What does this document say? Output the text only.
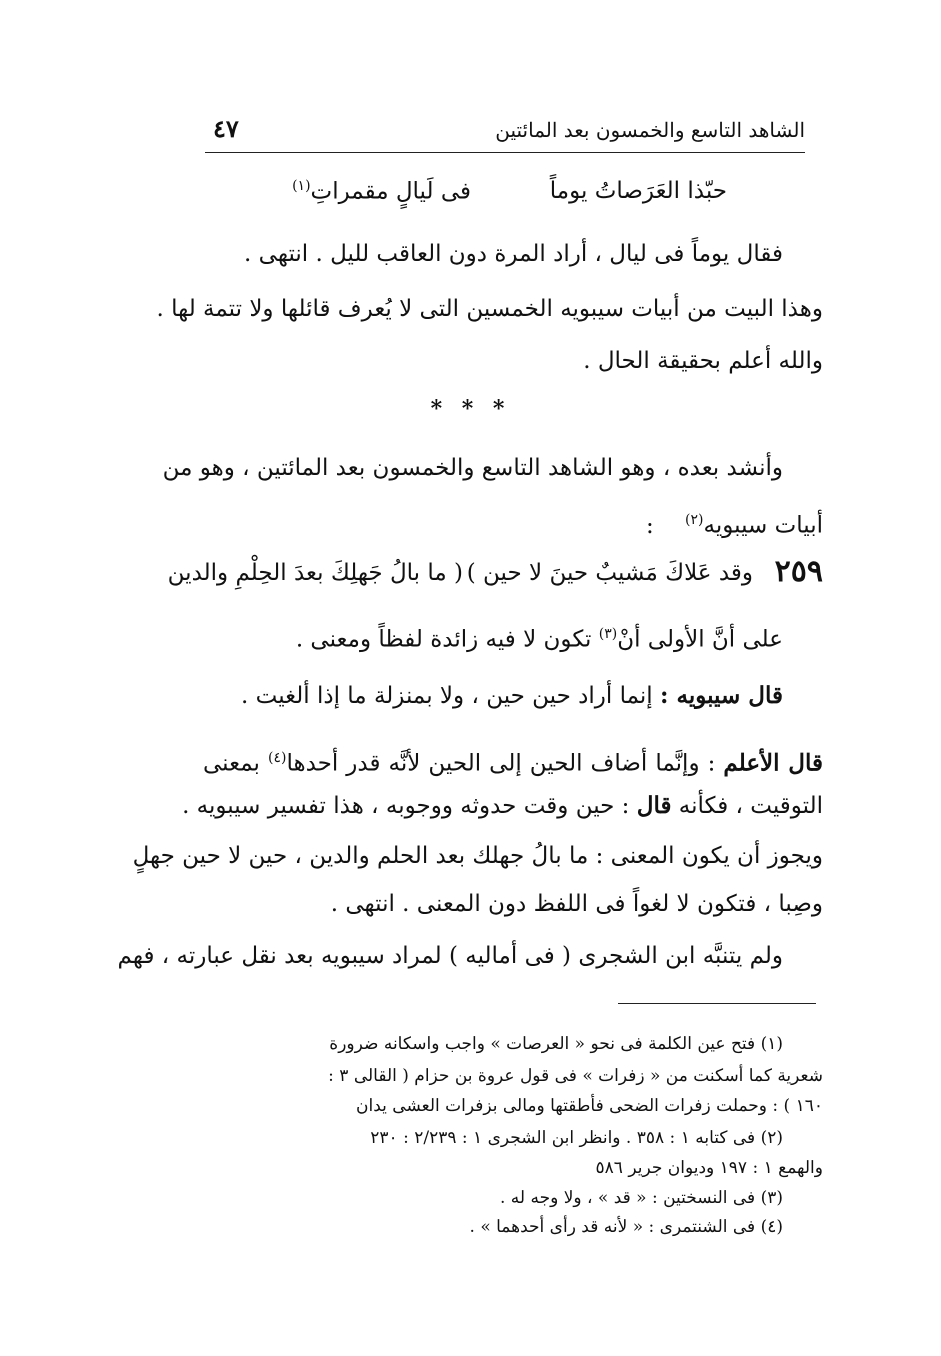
الشاهد التاسع والخمسون بعد المائتين
٤٧
حبّذا العَرَصاتُ يوماً
فى لَيالٍ مقمراتِ$^{(١)}$
فقال يوماً فى ليال ، أراد المرة دون العاقب لليل . انتهى .
وهذا البيت من أبيات سيبويه الخمسين التى لا يُعرف قائلها ولا تتمة لها .
والله أعلم بحقيقة الحال .
* * *
وأنشد بعده ، وهو الشاهد التاسع والخمسون بعد المائتين ، وهو من
أبيات سيبويه$^{(٢)}$ :
٢٥٩
( ما بالُ جَهلِكَ بعدَ الحِلْمِ والدين وقد عَلاكَ مَشيبٌ حينَ لا حين )
على أنَّ الأولى أنْ$^{(٣)}$ تكون لا فيه زائدة لفظاً ومعنى .
قال سيبويه : إنما أراد حين حين ، ولا بمنزلة ما إذا ألغيت .
قال الأعلم : وإنَّما أضاف الحين إلى الحين لأنَّه قدر أحدها$^{(٤)}$ بمعنى
التوقيت ، فكأنه قال : حين وقت حدوثه ووجوبه ، هذا تفسير سيبويه .
ويجوز أن يكون المعنى : ما بالُ جهلك بعد الحلم والدين ، حين لا حين جهلٍ
وصِبا ، فتكون لا لغواً فى اللفظ دون المعنى . انتهى .
ولم يتنبَّه ابن الشجرى ( فى أماليه ) لمراد سيبويه بعد نقل عبارته ، فهم
(١) فتح عين الكلمة فى نحو « العرصات » واجب واسكانه ضرورة
شعرية كما أسكنت من « زفرات » فى قول عروة بن حزام ( القالى ٣ :
١٦٠ ) : وحملت زفرات الضحى فأطقتها ومالى بزفرات العشى يدان
(٢) فى كتابه ١ : ٣٥٨ . وانظر ابن الشجرى ١ : ٢/٢٣٩ : ٢٣٠
والهمع ١ : ١٩٧ وديوان جرير ٥٨٦
(٣) فى النسختين : « قد » ، ولا وجه له .
(٤) فى الشنتمرى : « لأنه قد رأى أحدهما » .
